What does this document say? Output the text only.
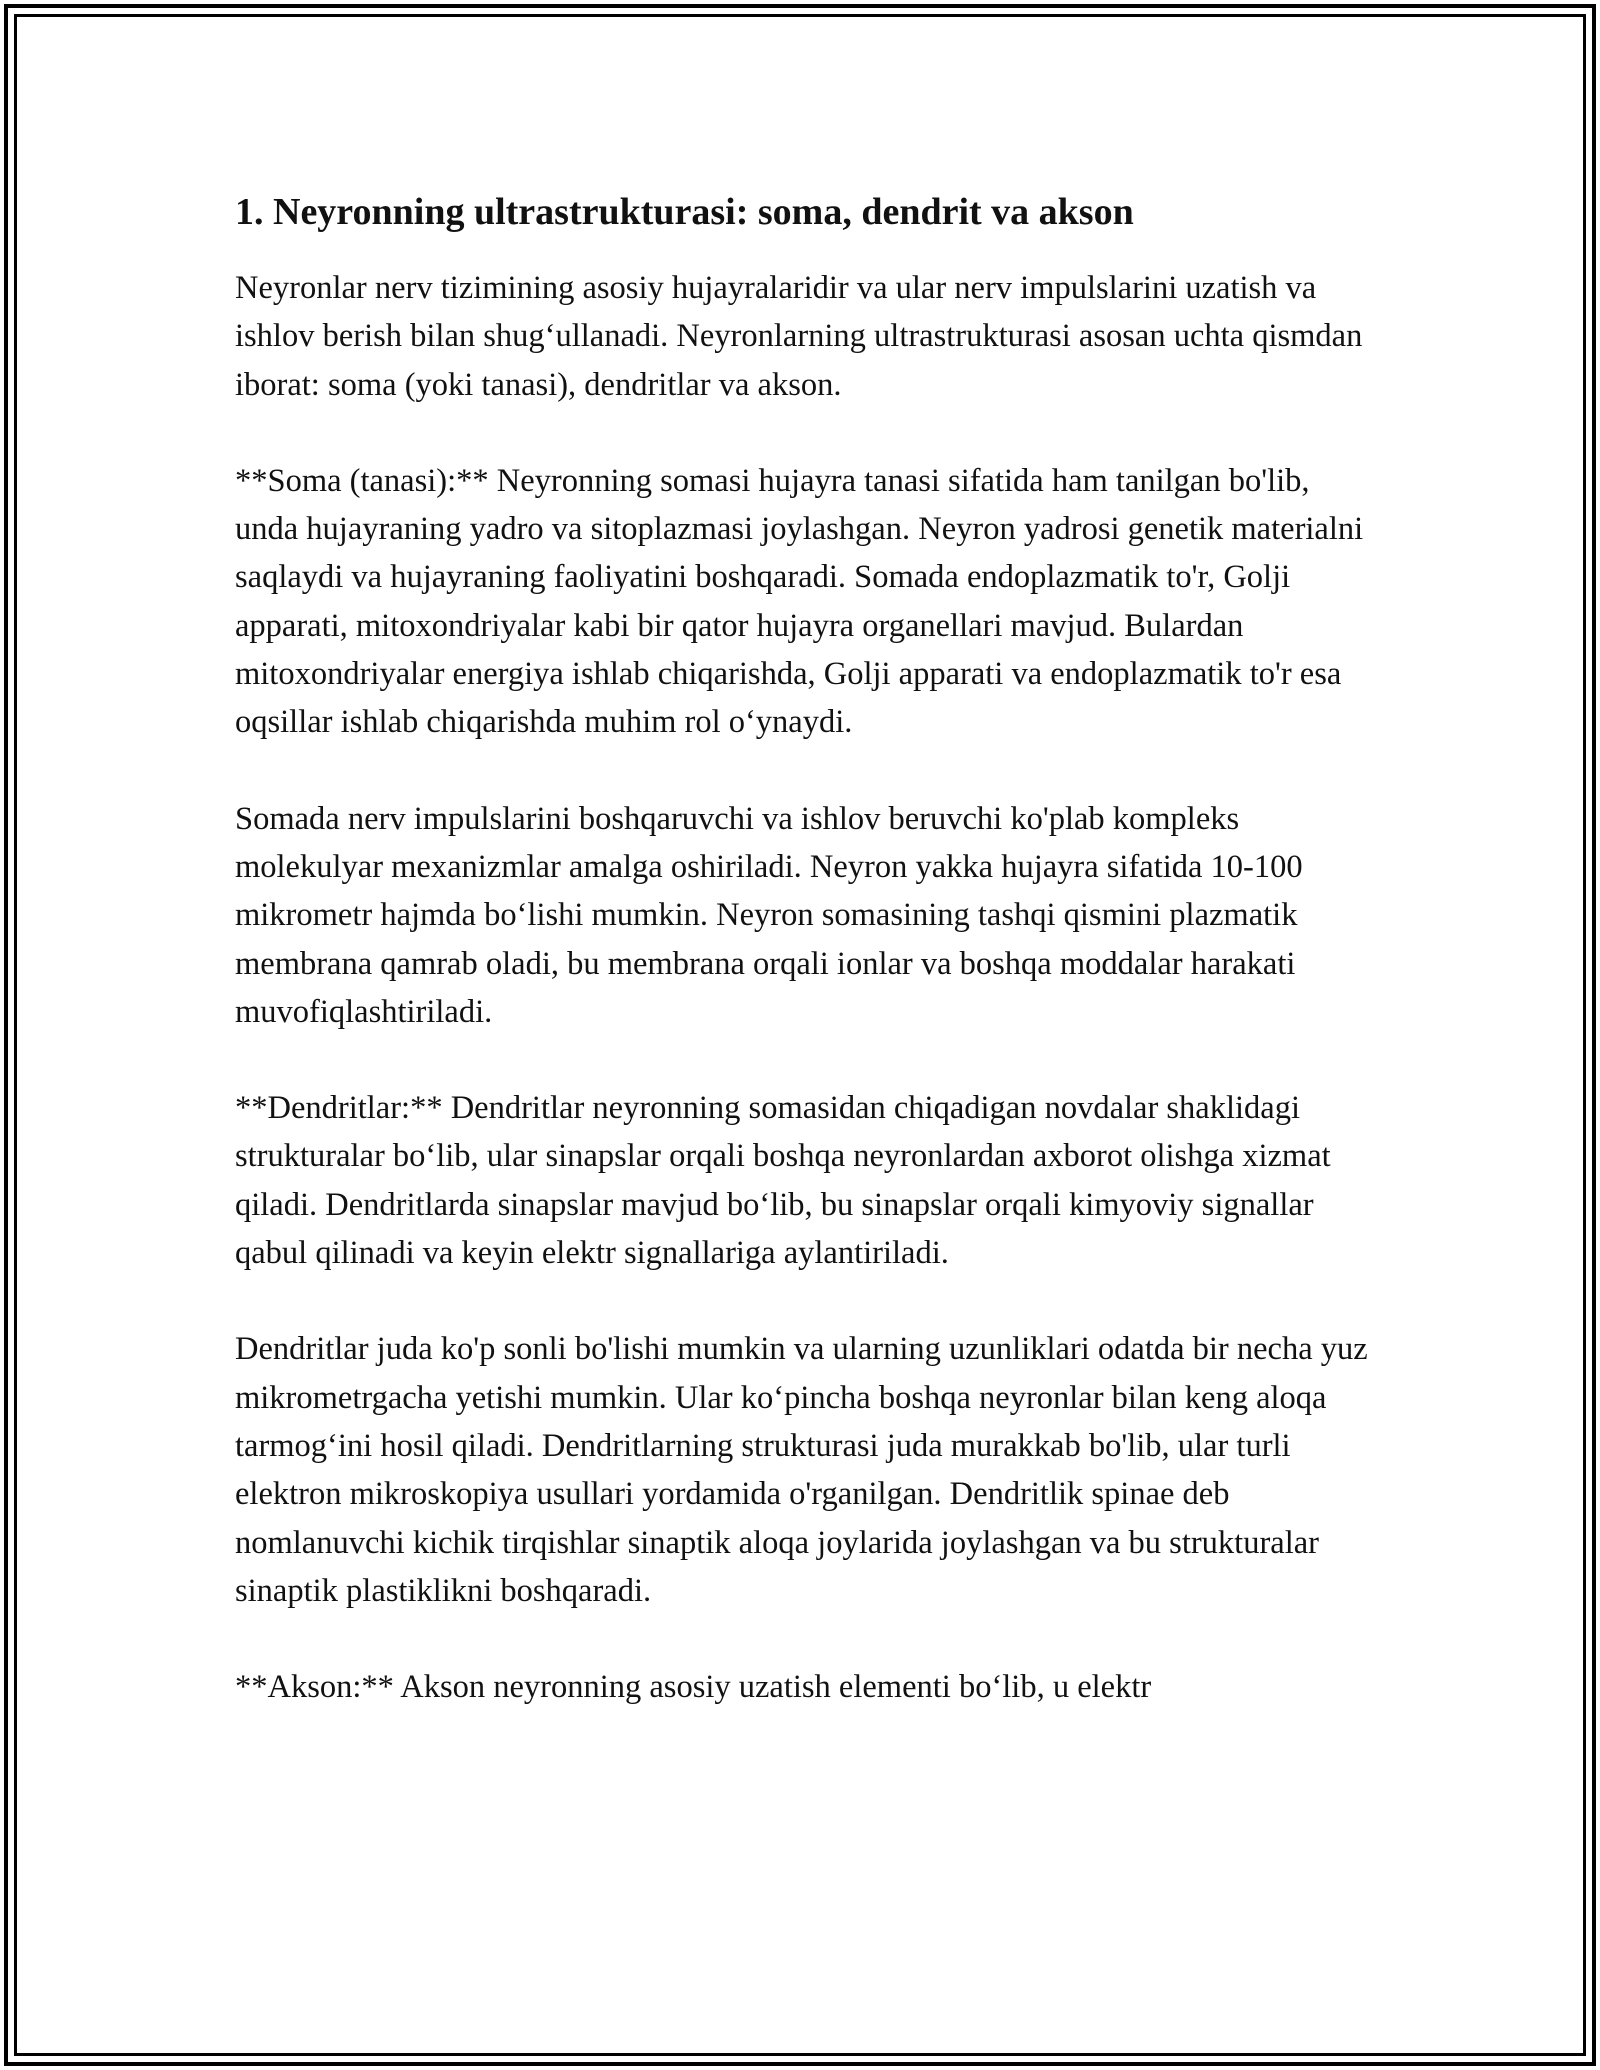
1. Neyronning ultrastrukturasi: soma, dendrit va akson

Neyronlar nerv tizimining asosiy hujayralaridir va ular nerv impulslarini uzatish va ishlov berish bilan shug‘ullanadi. Neyronlarning ultrastrukturasi asosan uchta qismdan iborat: soma (yoki tanasi), dendritlar va akson.

**Soma (tanasi):** Neyronning somasi hujayra tanasi sifatida ham tanilgan bo'lib, unda hujayraning yadro va sitoplazmasi joylashgan. Neyron yadrosi genetik materialni saqlaydi va hujayraning faoliyatini boshqaradi. Somada endoplazmatik to'r, Golji apparati, mitoxondriyalar kabi bir qator hujayra organellari mavjud. Bulardan mitoxondriyalar energiya ishlab chiqarishda, Golji apparati va endoplazmatik to'r esa oqsillar ishlab chiqarishda muhim rol o‘ynaydi.

Somada nerv impulslarini boshqaruvchi va ishlov beruvchi ko'plab kompleks molekulyar mexanizmlar amalga oshiriladi. Neyron yakka hujayra sifatida 10-100 mikrometr hajmda bo‘lishi mumkin. Neyron somasining tashqi qismini plazmatik membrana qamrab oladi, bu membrana orqali ionlar va boshqa moddalar harakati muvofiqlashtiriladi.

**Dendritlar:** Dendritlar neyronning somasidan chiqadigan novdalar shaklidagi strukturalar bo‘lib, ular sinapslar orqali boshqa neyronlardan axborot olishga xizmat qiladi. Dendritlarda sinapslar mavjud bo‘lib, bu sinapslar orqali kimyoviy signallar qabul qilinadi va keyin elektr signallariga aylantiriladi.

Dendritlar juda ko'p sonli bo'lishi mumkin va ularning uzunliklari odatda bir necha yuz mikrometrgacha yetishi mumkin. Ular ko‘pincha boshqa neyronlar bilan keng aloqa tarmog‘ini hosil qiladi. Dendritlarning strukturasi juda murakkab bo'lib, ular turli elektron mikroskopiya usullari yordamida o'rganilgan. Dendritlik spinae deb nomlanuvchi kichik tirqishlar sinaptik aloqa joylarida joylashgan va bu strukturalar sinaptik plastiklikni boshqaradi.

**Akson:** Akson neyronning asosiy uzatish elementi bo‘lib, u elektr
